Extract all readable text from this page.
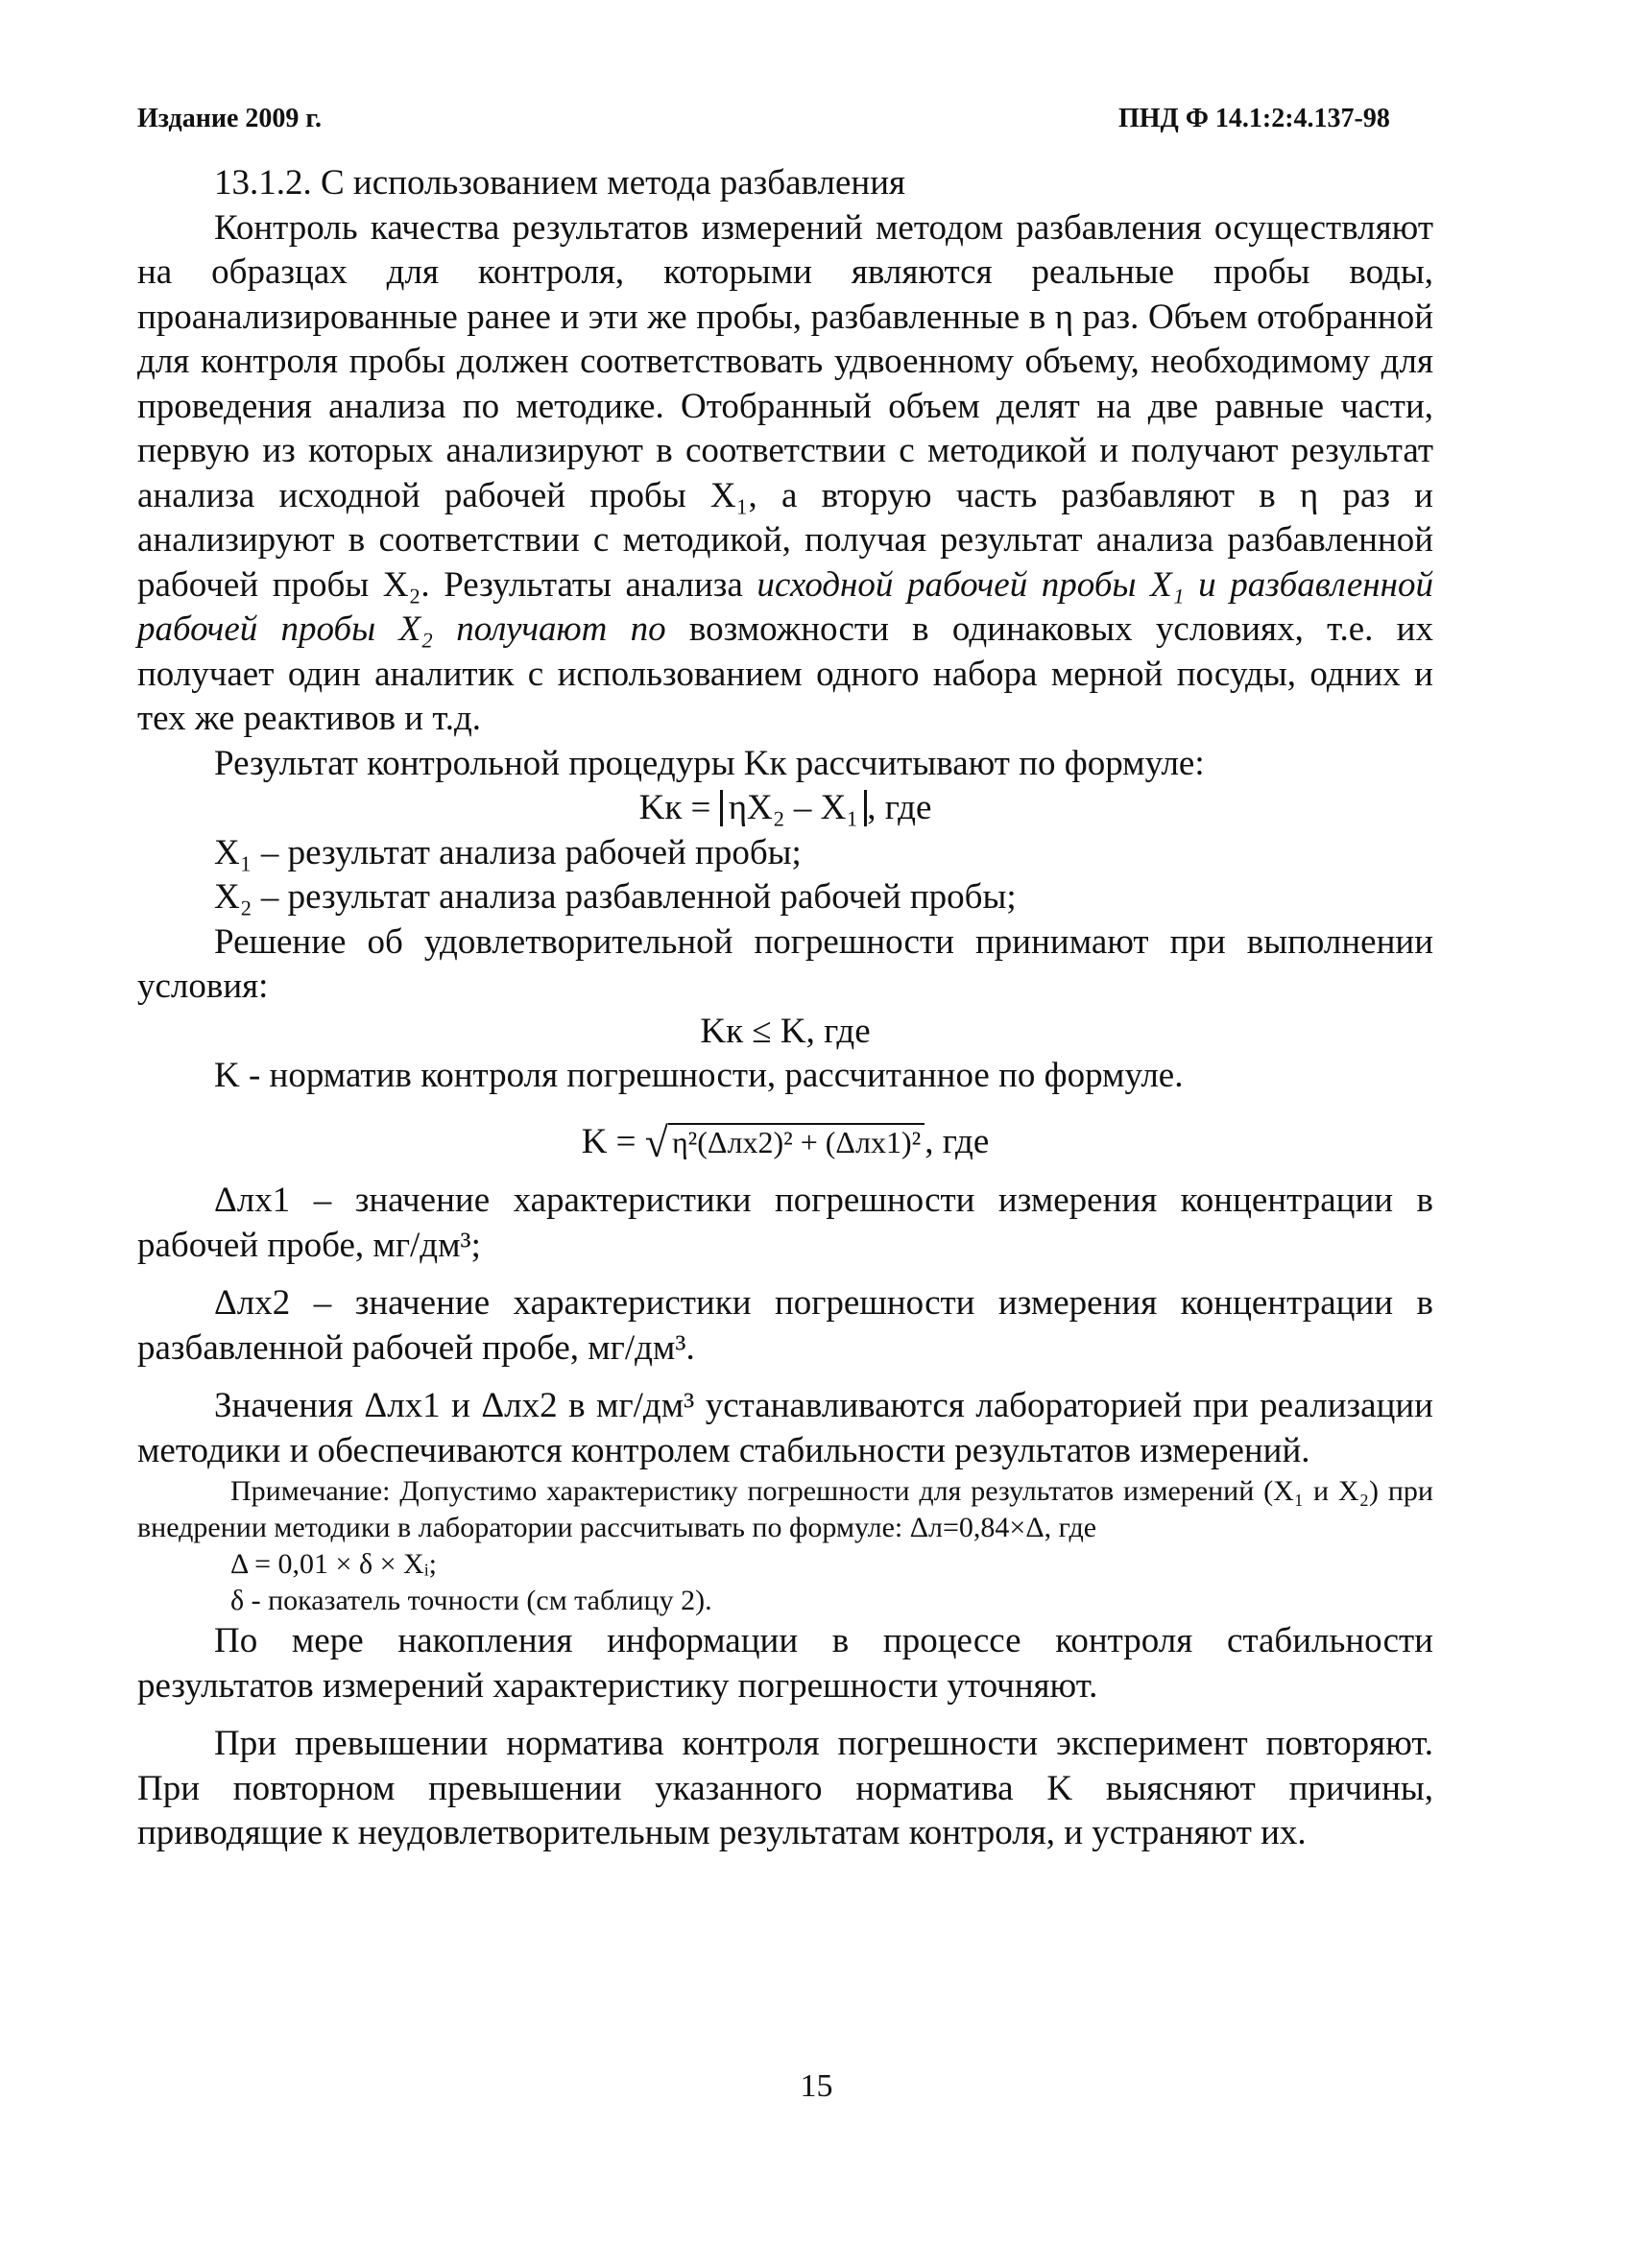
Издание 2009 г.	ПНД Ф 14.1:2:4.137-98

13.1.2. С использованием метода разбавления

Контроль качества результатов измерений методом разбавления осуществляют на образцах для контроля, которыми являются реальные пробы воды, проанализированные ранее и эти же пробы, разбавленные в η раз. Объем отобранной для контроля пробы должен соответствовать удвоенному объему, необходимому для проведения анализа по методике. Отобранный объем делят на две равные части, первую из которых анализируют в соответствии с методикой и получают результат анализа исходной рабочей пробы X₁, а вторую часть разбавляют в η раз и анализируют в соответствии с методикой, получая результат анализа разбавленной рабочей пробы X₂. Результаты анализа исходной рабочей пробы X₁ и разбавленной рабочей пробы X₂ получают по возможности в одинаковых условиях, т.е. их получает один аналитик с использованием одного набора мерной посуды, одних и тех же реактивов и т.д.

Результат контрольной процедуры Kк рассчитывают по формуле:

Kк = ηX₂ – X₁ , где

X₁ – результат анализа рабочей пробы;

X₂ – результат анализа разбавленной рабочей пробы;

Решение об удовлетворительной погрешности принимают при выполнении условия:

Kк ≤ K, где

K - норматив контроля погрешности, рассчитанное по формуле.

K = √ η²(Δлх2)² + (Δлх1)² , где

Δлх1 – значение характеристики погрешности измерения концентрации в рабочей пробе, мг/дм³;

Δлх2 – значение характеристики погрешности измерения концентрации в разбавленной рабочей пробе, мг/дм³.

Значения Δлх1 и Δлх2 в мг/дм³ устанавливаются лабораторией при реализации методики и обеспечиваются контролем стабильности результатов измерений.

Примечание: Допустимо характеристику погрешности для результатов измерений (X₁ и X₂) при внедрении методики в лаборатории рассчитывать по формуле: Δл=0,84×Δ, где

Δ = 0,01 × δ × Xᵢ;

δ - показатель точности (см таблицу 2).

По мере накопления информации в процессе контроля стабильности результатов измерений характеристику погрешности уточняют.

При превышении норматива контроля погрешности эксперимент повторяют. При повторном превышении указанного норматива K выясняют причины, приводящие к неудовлетворительным результатам контроля, и устраняют их.

15
